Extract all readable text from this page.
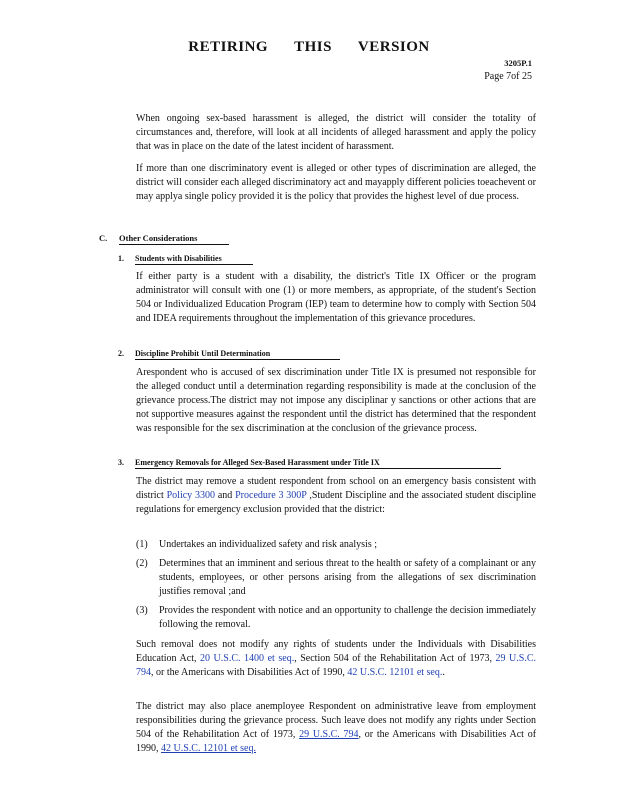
RETIRING THIS VERSION
3205P.1
Page 7of 25

When ongoing sex-based harassment is alleged, the district will consider the totality of circumstances and, therefore, will look at all incidents of alleged harassment and apply the policy that was in place on the date of the latest incident of harassment.

If more than one discriminatory event is alleged or other types of discrimination are alleged, the district will consider each alleged discriminatory act and mayapply different policies toeachevent or may applya single policy provided it is the policy that provides the highest level of due process.

C. Other Considerations
1. Students with Disabilities

If either party is a student with a disability, the district's Title IX Officer or the program administrator will consult with one (1) or more members, as appropriate, of the student's Section 504 or Individualized Education Program (IEP) team to determine how to comply with Section 504 and IDEA requirements throughout the implementation of this grievance procedures.

2. Discipline Prohibit Until Determination

Arespondent who is accused of sex discrimination under Title IX is presumed not responsible for the alleged conduct until a determination regarding responsibility is made at the conclusion of the grievance process.The district may not impose any disciplinar y sanctions or other actions that are not supportive measures against the respondent until the district has determined that the respondent was responsible for the sex discrimination at the conclusion of the grievance process.

3. Emergency Removals for Alleged Sex-Based Harassment under Title IX

The district may remove a student respondent from school on an emergency basis consistent with district Policy 3300 and Procedure 3 300P ,Student Discipline and the associated student discipline regulations for emergency exclusion provided that the district:

(1) Undertakes an individualized safety and risk analysis ;
(2) Determines that an imminent and serious threat to the health or safety of a complainant or any students, employees, or other persons arising from the allegations of sex discrimination justifies removal ;and
(3) Provides the respondent with notice and an opportunity to challenge the decision immediately following the removal.

Such removal does not modify any rights of students under the Individuals with Disabilities Education Act, 20 U.S.C. 1400 et seq., Section 504 of the Rehabilitation Act of 1973, 29 U.S.C. 794, or the Americans with Disabilities Act of 1990, 42 U.S.C. 12101 et seq..

The district may also place anemployee Respondent on administrative leave from employment responsibilities during the grievance process. Such leave does not modify any rights under Section 504 of the Rehabilitation Act of 1973, 29 U.S.C. 794, or the Americans with Disabilities Act of 1990, 42 U.S.C. 12101 et seq.
